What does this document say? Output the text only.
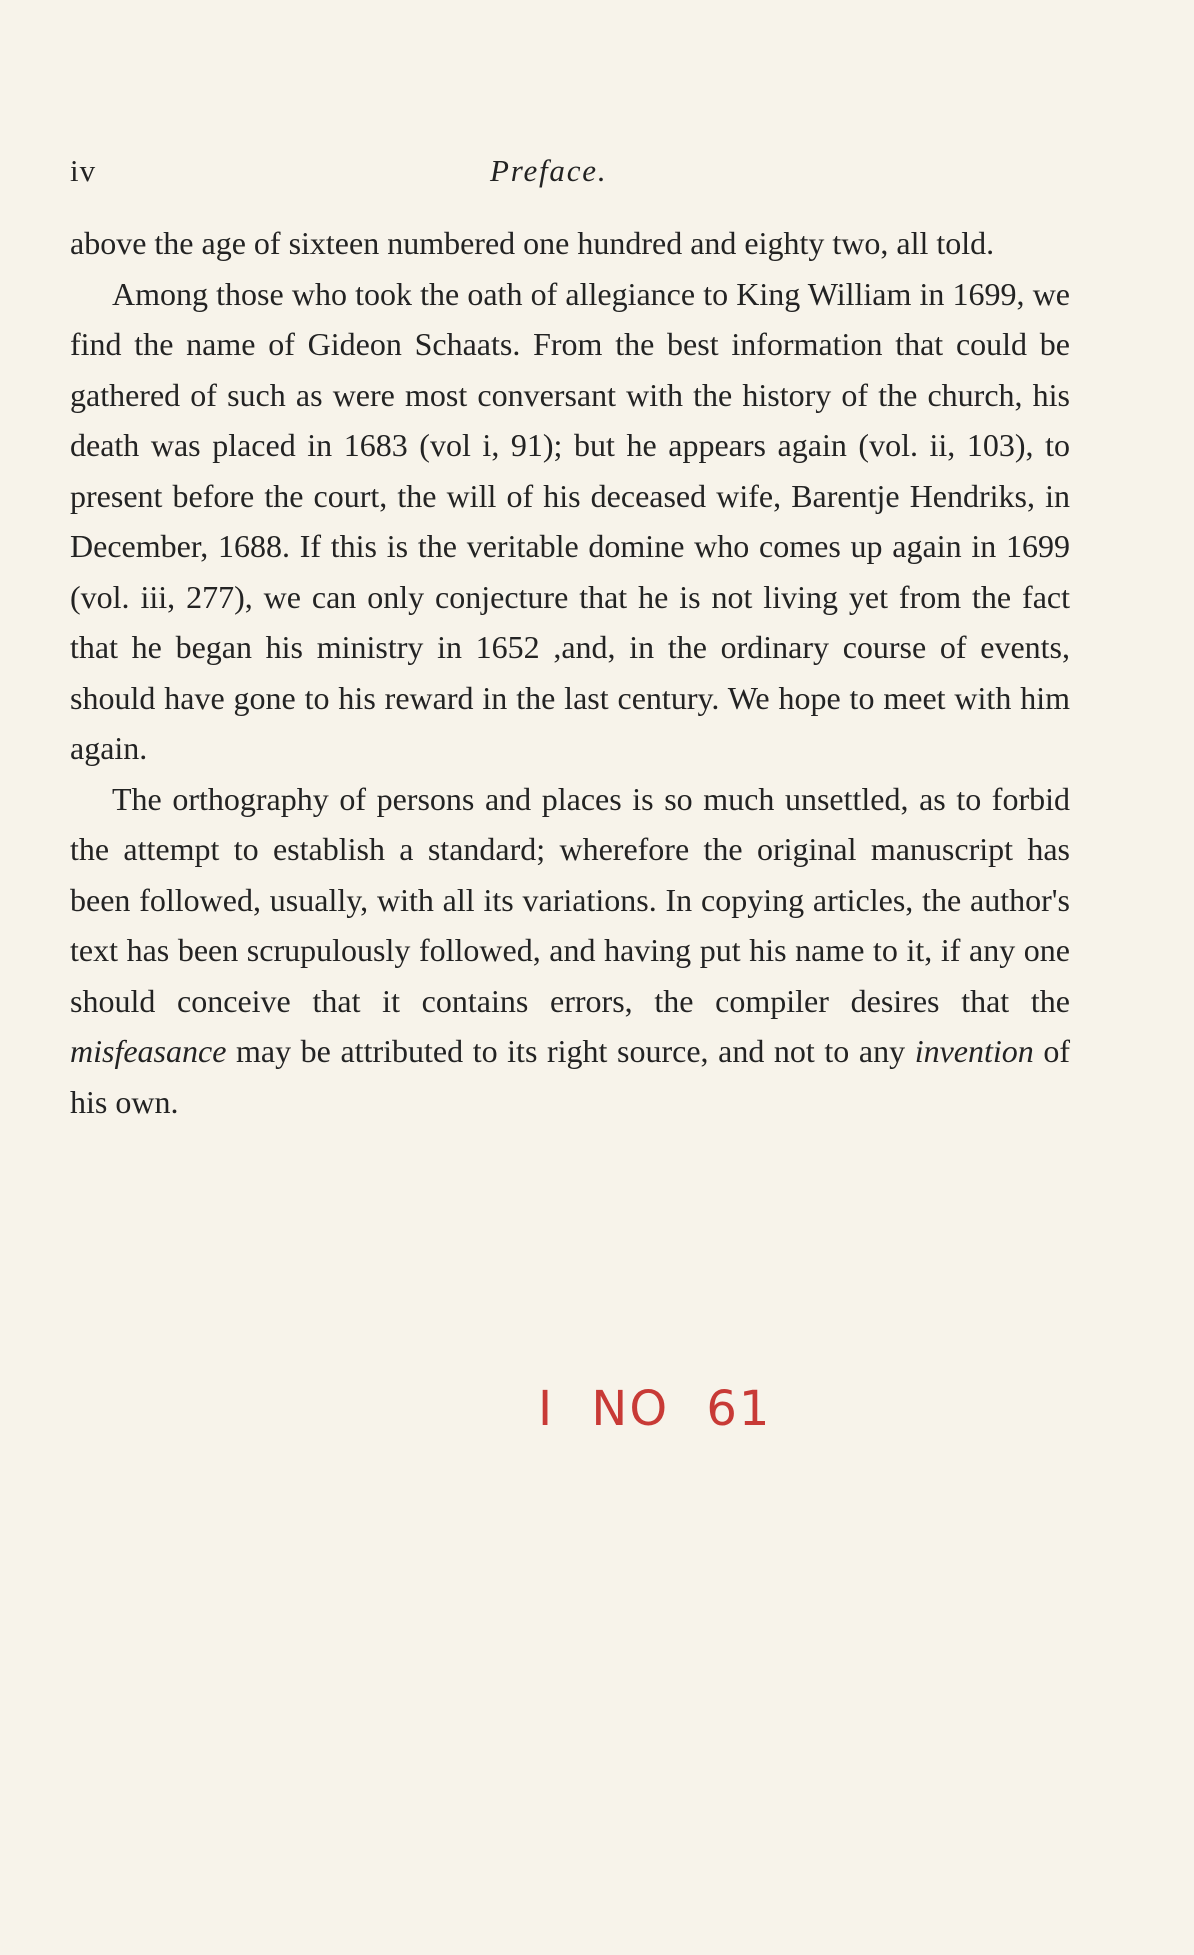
iv	Preface.

above the age of sixteen numbered one hundred and eighty two, all told.

Among those who took the oath of allegiance to King William in 1699, we find the name of Gideon Schaats. From the best information that could be gathered of such as were most conversant with the history of the church, his death was placed in 1683 (vol i, 91); but he appears again (vol. ii, 103), to present before the court, the will of his deceased wife, Barentje Hendriks, in December, 1688. If this is the veritable domine who comes up again in 1699 (vol. iii, 277), we can only conjecture that he is not living yet from the fact that he began his ministry in 1652 ,and, in the ordinary course of events, should have gone to his reward in the last century. We hope to meet with him again.

The orthography of persons and places is so much unsettled, as to forbid the attempt to establish a standard; wherefore the original manuscript has been followed, usually, with all its variations. In copying articles, the author's text has been scrupulously followed, and having put his name to it, if any one should conceive that it contains errors, the compiler desires that the misfeasance may be attributed to its right source, and not to any invention of his own.

I NO 61
